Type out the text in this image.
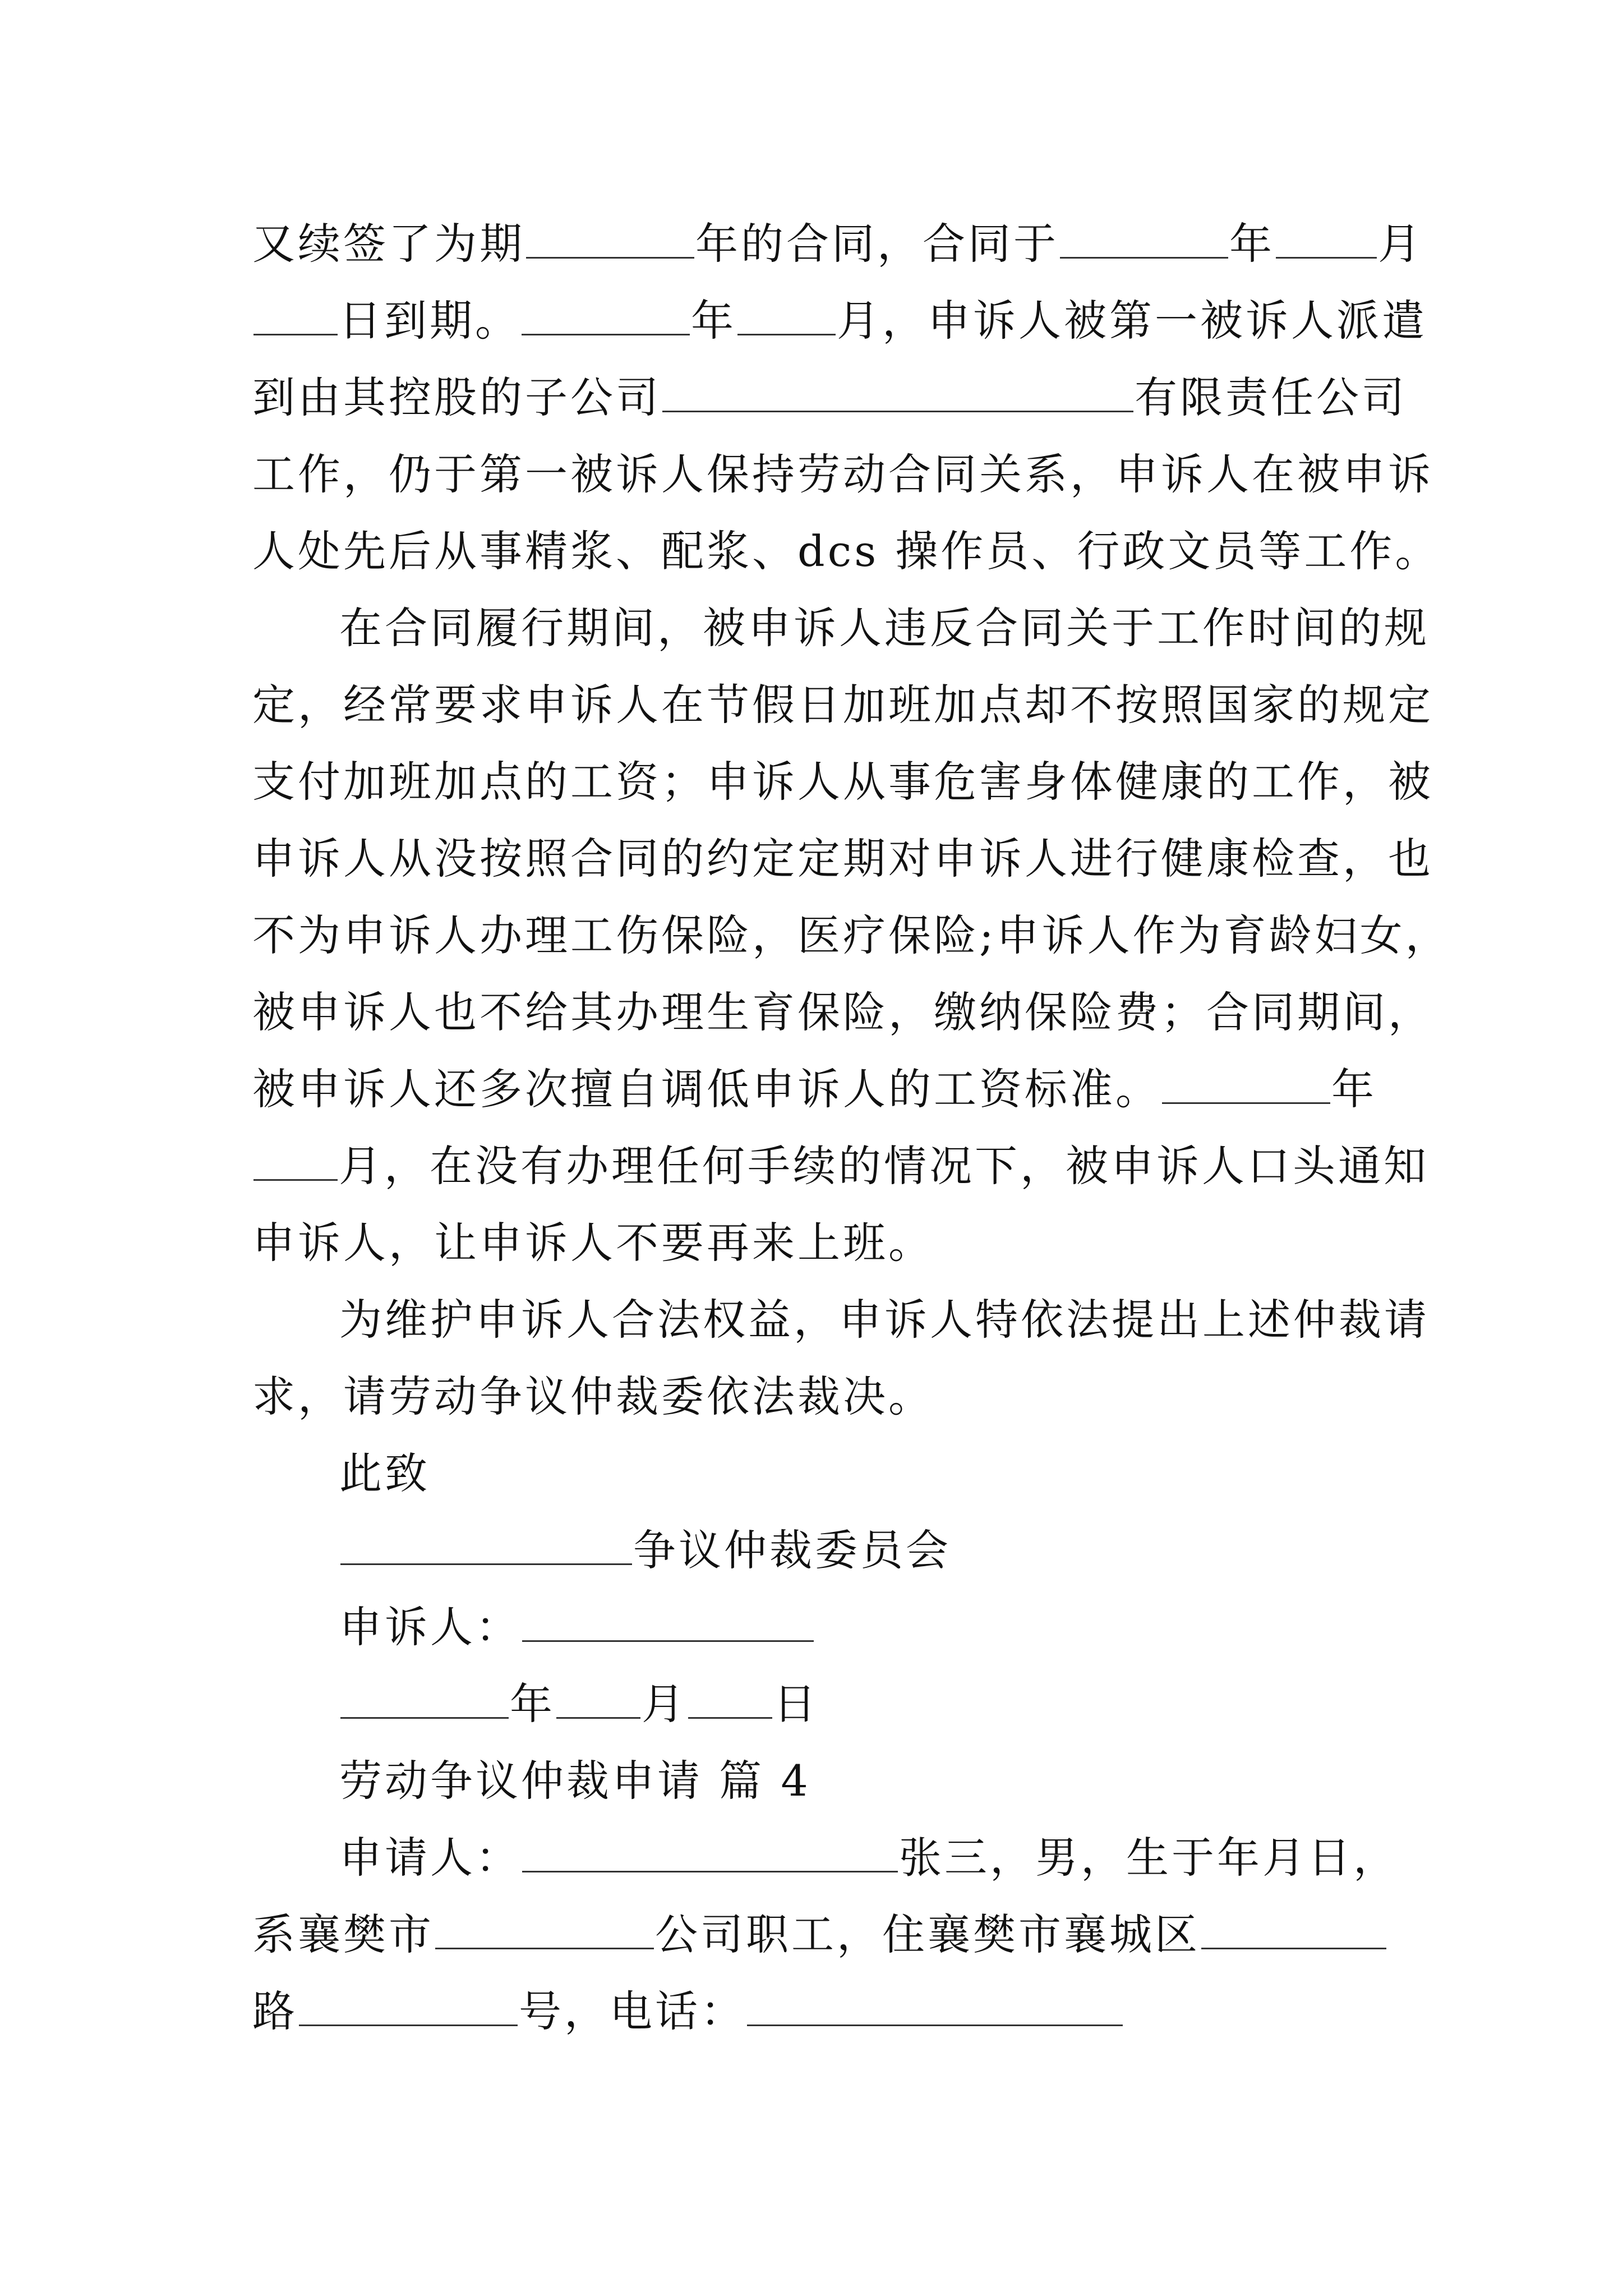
又续签了为期	年的合同，合同于	年 月
日到期。	年 月，申诉人被第一被诉人派遣
到由其控股的子公司	有限责任公司
工作，仍于第一被诉人保持劳动合同关系，申诉人在被申诉
人处先后从事精浆、配浆、dcs 操作员、行政文员等工作。
在合同履行期间，被申诉人违反合同关于工作时间的规
定，经常要求申诉人在节假日加班加点却不按照国家的规定
支付加班加点的工资；申诉人从事危害身体健康的工作，被
申诉人从没按照合同的约定定期对申诉人进行健康检查，也
不为申诉人办理工伤保险，医疗保险;申诉人作为育龄妇女，
被申诉人也不给其办理生育保险，缴纳保险费；合同期间，
被申诉人还多次擅自调低申诉人的工资标准。	年
月，在没有办理任何手续的情况下，被申诉人口头通知
申诉人，让申诉人不要再来上班。
为维护申诉人合法权益，申诉人特依法提出上述仲裁请
求，请劳动争议仲裁委依法裁决。
此致
争议仲裁委员会
申诉人：
年 月 日
劳动争议仲裁申请 篇 4
申请人：	张三，男，生于年月日，
系襄樊市	公司职工，住襄樊市襄城区
路	号，电话：
